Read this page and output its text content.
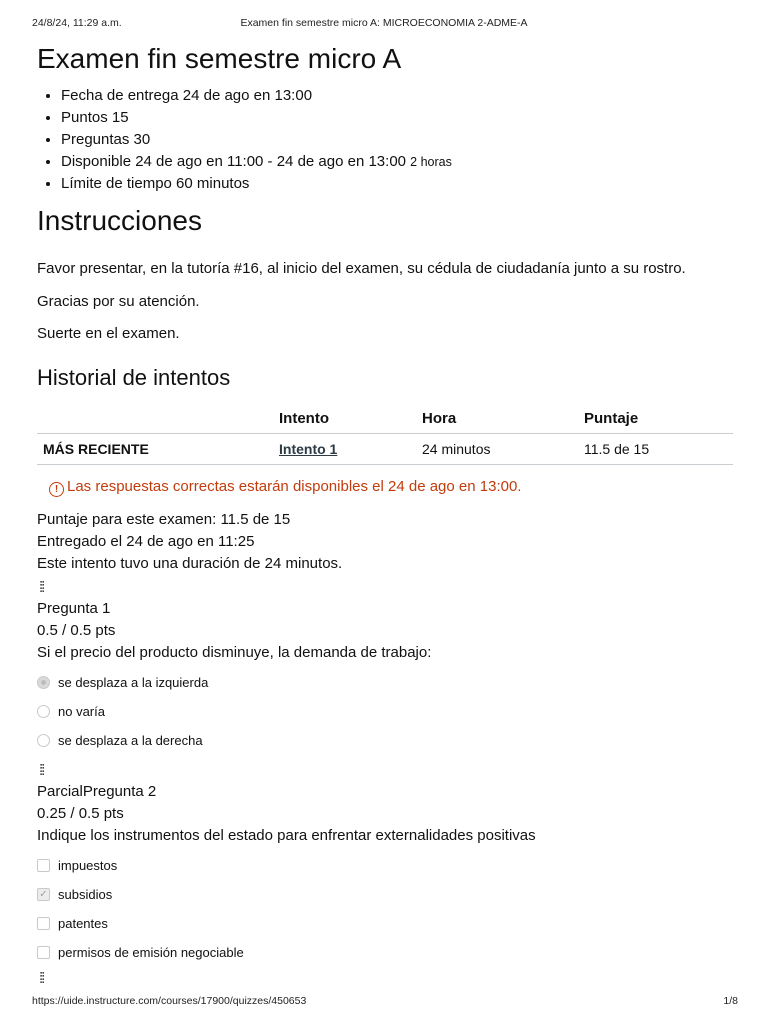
24/8/24, 11:29 a.m.	Examen fin semestre micro A: MICROECONOMIA 2-ADME-A
Examen fin semestre micro A
• Fecha de entrega 24 de ago en 13:00
• Puntos 15
• Preguntas 30
• Disponible 24 de ago en 11:00 - 24 de ago en 13:00 2 horas
• Límite de tiempo 60 minutos
Instrucciones

Favor presentar, en la tutoría #16, al inicio del examen, su cédula de ciudadanía junto a su rostro.

Gracias por su atención.

Suerte en el examen.

Historial de intentos
	Intento	Hora	Puntaje
MÁS RECIENTE	Intento 1	24 minutos	11.5 de 15
! Las respuestas correctas estarán disponibles el 24 de ago en 13:00.
Puntaje para este examen: 11.5 de 15
Entregado el 24 de ago en 11:25
Este intento tuvo una duración de 24 minutos.
⁞⁞
Pregunta 1
0.5 / 0.5 pts
Si el precio del producto disminuye, la demanda de trabajo:
se desplaza a la izquierda
no varía
se desplaza a la derecha
⁞⁞
ParcialPregunta 2
0.25 / 0.5 pts
Indique los instrumentos del estado para enfrentar externalidades positivas
impuestos
✓ subsidios
patentes
permisos de emisión negociable
⁞⁞
https://uide.instructure.com/courses/17900/quizzes/450653	1/8
